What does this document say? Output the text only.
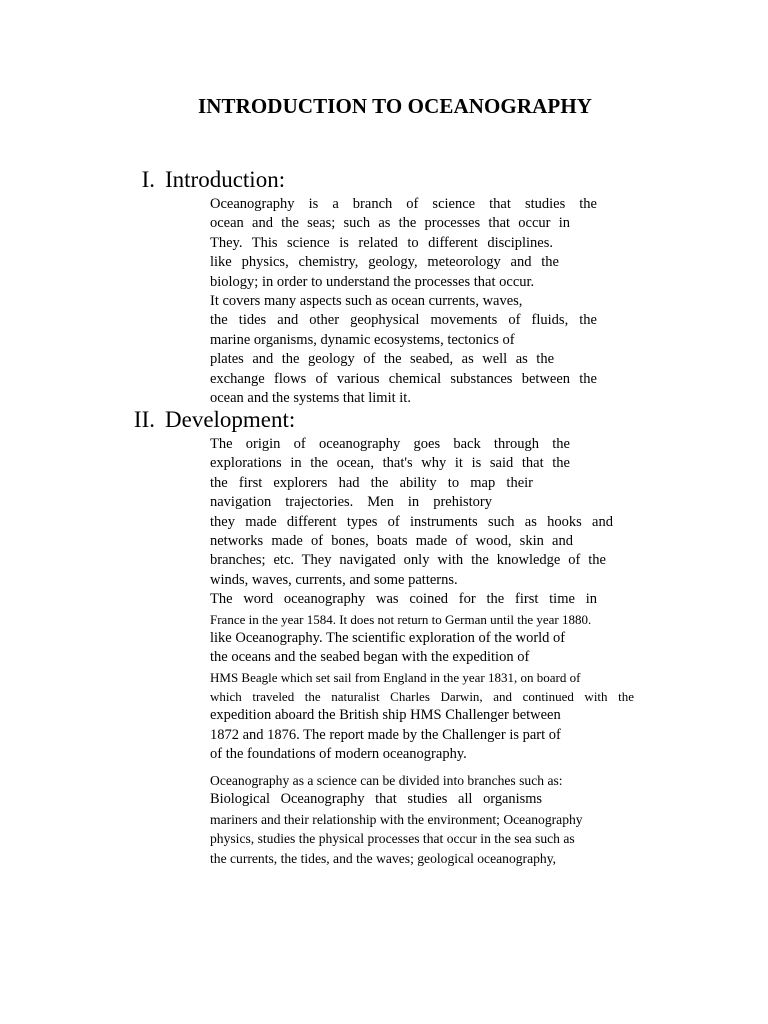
INTRODUCTION TO OCEANOGRAPHY
I. Introduction:
Oceanography is a branch of science that studies the
ocean and the seas; such as the processes that occur in
They. This science is related to different disciplines.
like physics, chemistry, geology, meteorology and the
biology; in order to understand the processes that occur.
It covers many aspects such as ocean currents, waves,
the tides and other geophysical movements of fluids, the
marine organisms, dynamic ecosystems, tectonics of
plates and the geology of the seabed, as well as the
exchange flows of various chemical substances between the
ocean and the systems that limit it.
II. Development:
The origin of oceanography goes back through the
explorations in the ocean, that's why it is said that the
the first explorers had the ability to map their
navigation trajectories. Men in prehistory
they made different types of instruments such as hooks and
networks made of bones, boats made of wood, skin and
branches; etc. They navigated only with the knowledge of the
winds, waves, currents, and some patterns.
The word oceanography was coined for the first time in
France in the year 1584. It does not return to German until the year 1880.
like Oceanography. The scientific exploration of the world of
the oceans and the seabed began with the expedition of
HMS Beagle which set sail from England in the year 1831, on board of
which traveled the naturalist Charles Darwin, and continued with the
expedition aboard the British ship HMS Challenger between
1872 and 1876. The report made by the Challenger is part of
of the foundations of modern oceanography.
Oceanography as a science can be divided into branches such as:
Biological Oceanography that studies all organisms
mariners and their relationship with the environment; Oceanography
physics, studies the physical processes that occur in the sea such as
the currents, the tides, and the waves; geological oceanography,
